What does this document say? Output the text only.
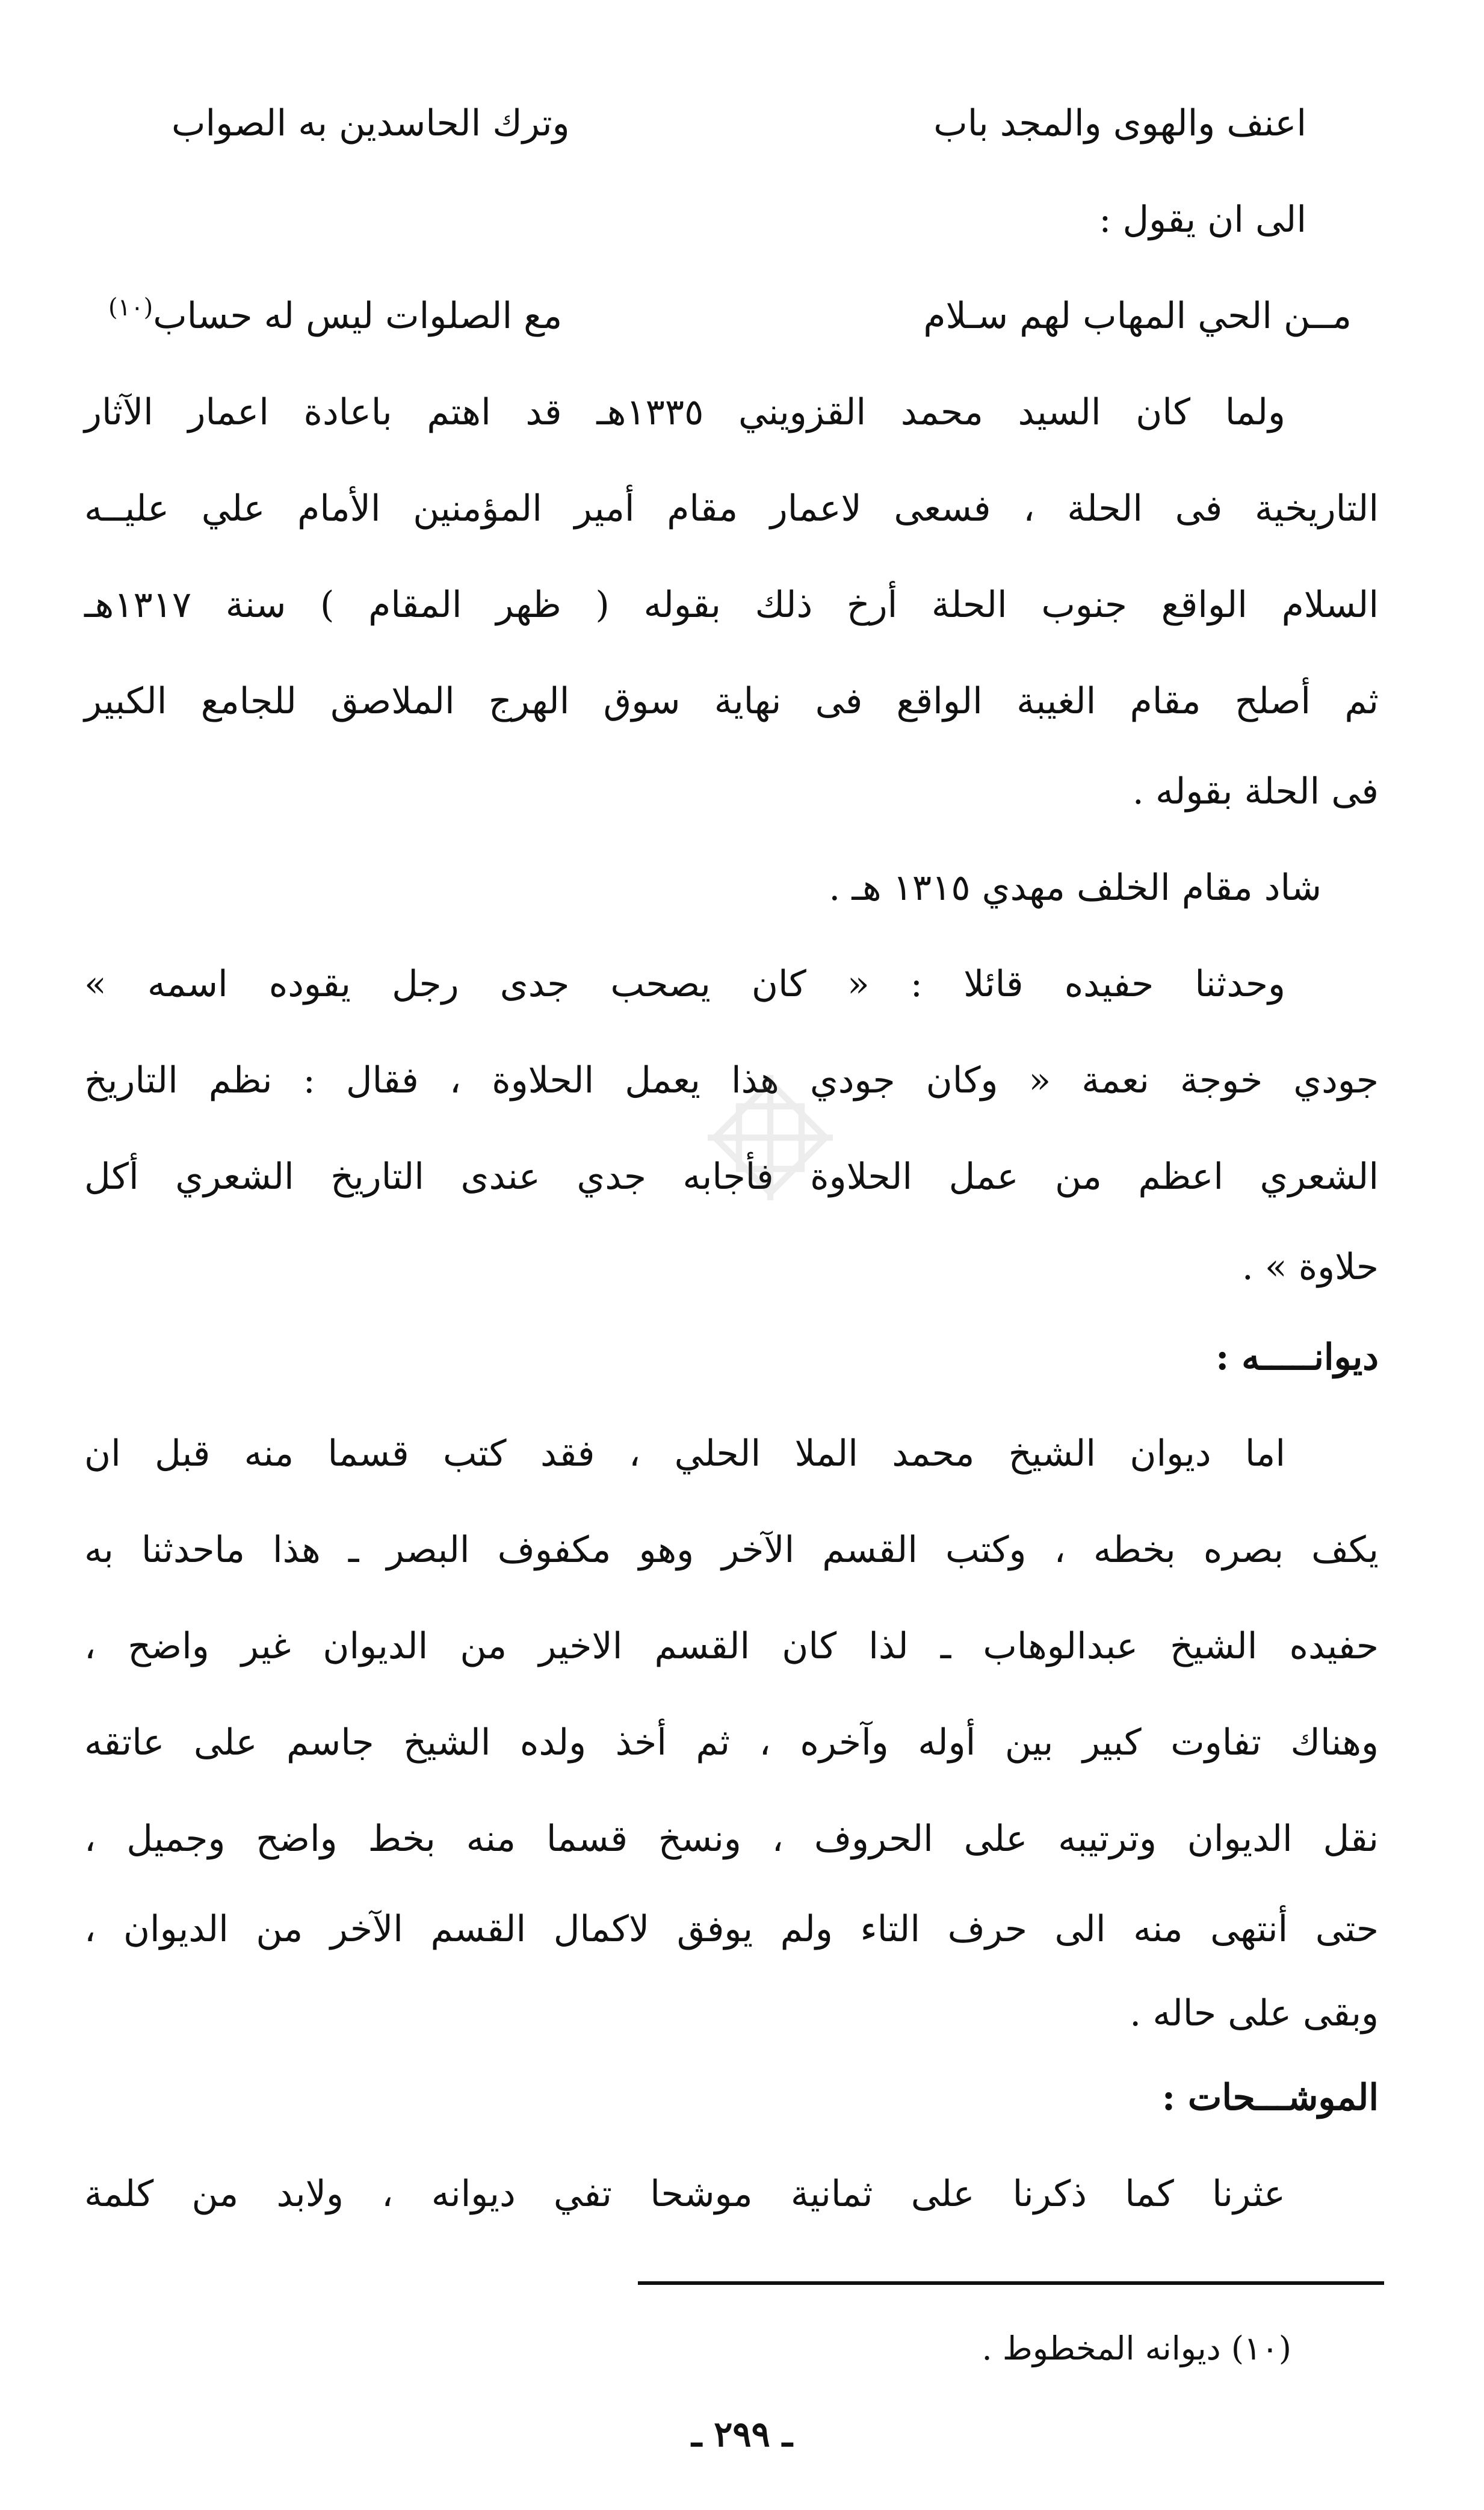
اعنف والهوى والمجد باب
وترك الحاسدين به الصواب
الى ان يقول :
مــن الحي المهاب لهم سـلام
مع الصلوات ليس له حساب$^{(١٠)}$
ولما كان السيد محمد القزويني ١٣٣٥هـ قد اهتم باعادة اعمار الآثار
التاريخية فى الحلة ، فسعى لاعمار مقام أمير المؤمنين الأمام علي عليــه
السلام الواقع جنوب الحلة أرخ ذلك بقوله ( ظهر المقام ) سنة ١٣١٧هـ
ثم أصلح مقام الغيبة الواقع فى نهاية سوق الهرج الملاصق للجامع الكبير
فى الحلة بقوله .
شاد مقام الخلف مهدي ١٣١٥ هـ .
وحدثنا حفيده قائلا : « كان يصحب جدى رجل يقوده اسمه »
جودي خوجة نعمة « وكان جودي هذا يعمل الحلاوة ، فقال : نظم التاريخ
الشعري اعظم من عمل الحلاوة فأجابه جدي عندى التاريخ الشعري أكل
حلاوة » .
ديوانـــــه :
اما ديوان الشيخ محمد الملا الحلي ، فقد كتب قسما منه قبل ان
يكف بصره بخطه ، وكتب القسم الآخر وهو مكفوف البصر ـ هذا ماحدثنا به
حفيده الشيخ عبدالوهاب ـ لذا كان القسم الاخير من الديوان غير واضح ،
وهناك تفاوت كبير بين أوله وآخره ، ثم أخذ ولده الشيخ جاسم على عاتقه
نقل الديوان وترتيبه على الحروف ، ونسخ قسما منه بخط واضح وجميل ،
حتى أنتهى منه الى حرف التاء ولم يوفق لاكمال القسم الآخر من الديوان ،
وبقى على حاله .
الموشـــحات :
عثرنا كما ذكرنا على ثمانية موشحا تفي ديوانه ، ولابد من كلمة
(١٠) ديوانه المخطوط .
ـ ٢٩٩ ـ
